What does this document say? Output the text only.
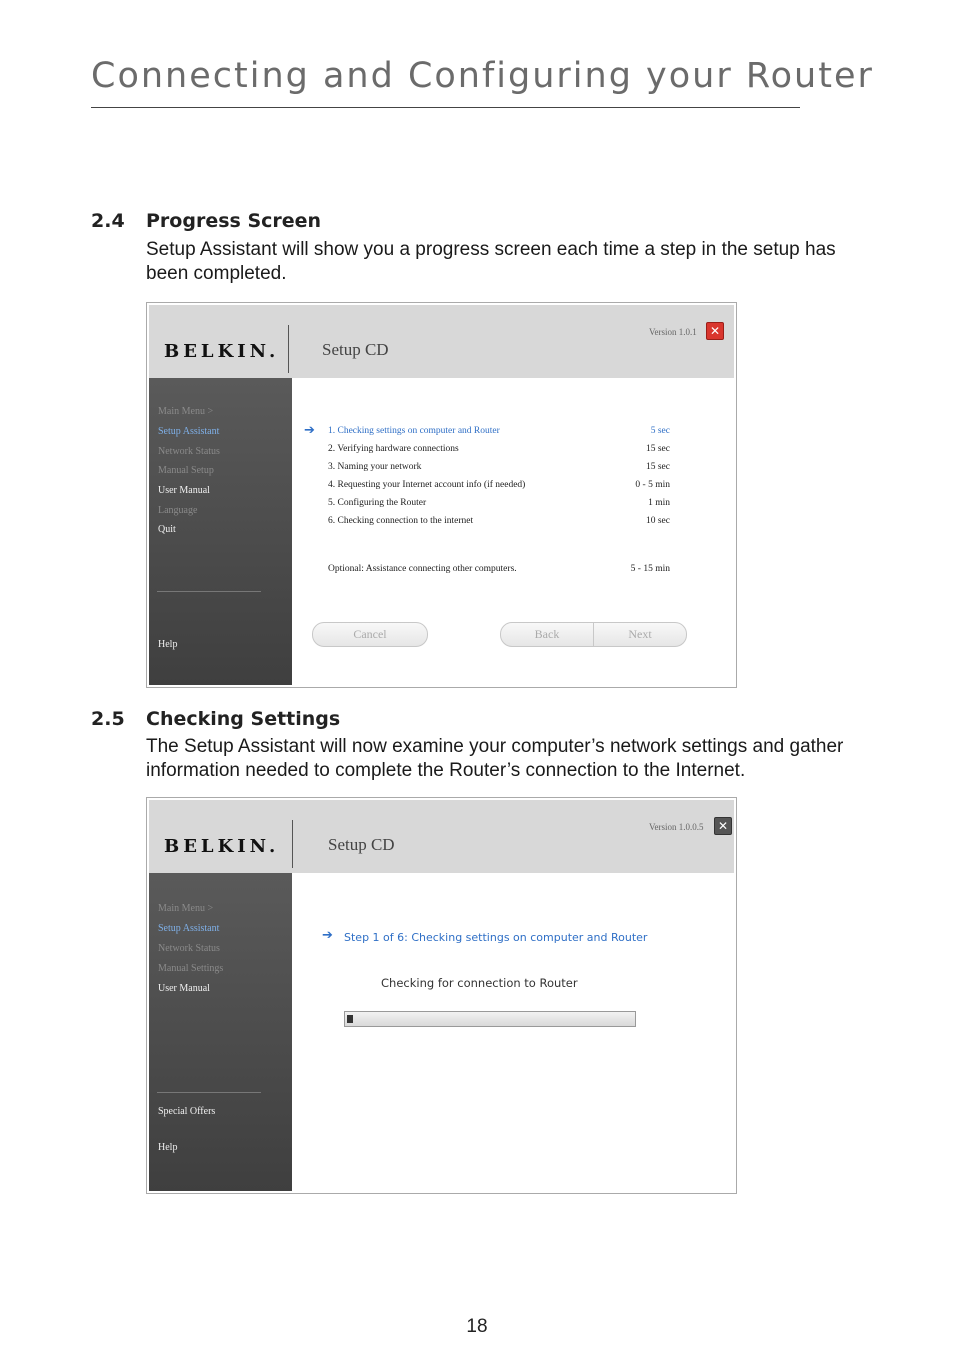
Connecting and Configuring your Router
2.4 Progress Screen
Setup Assistant will show you a progress screen each time a step in the setup has been completed.
BELKIN.	Setup CD
Version 1.0.1	✕
Main Menu >
Setup Assistant
Network Status
Manual Setup
User Manual
Language
Quit
Help
➔ 1. Checking settings on computer and Router	5 sec
2. Verifying hardware connections	15 sec
3. Naming your network	15 sec
4. Requesting your Internet account info (if needed)	0 - 5 min
5. Configuring the Router	1 min
6. Checking connection to the internet	10 sec
Optional: Assistance connecting other computers.	5 - 15 min
Cancel	Back	Next
2.5 Checking Settings
The Setup Assistant will now examine your computer’s network settings and gather information needed to complete the Router’s connection to the Internet.
BELKIN.	Setup CD
Version 1.0.0.5	✕
Main Menu >
Setup Assistant
Network Status
Manual Settings
User Manual
Special Offers
Help
➔ Step 1 of 6: Checking settings on computer and Router
Checking for connection to Router
18
